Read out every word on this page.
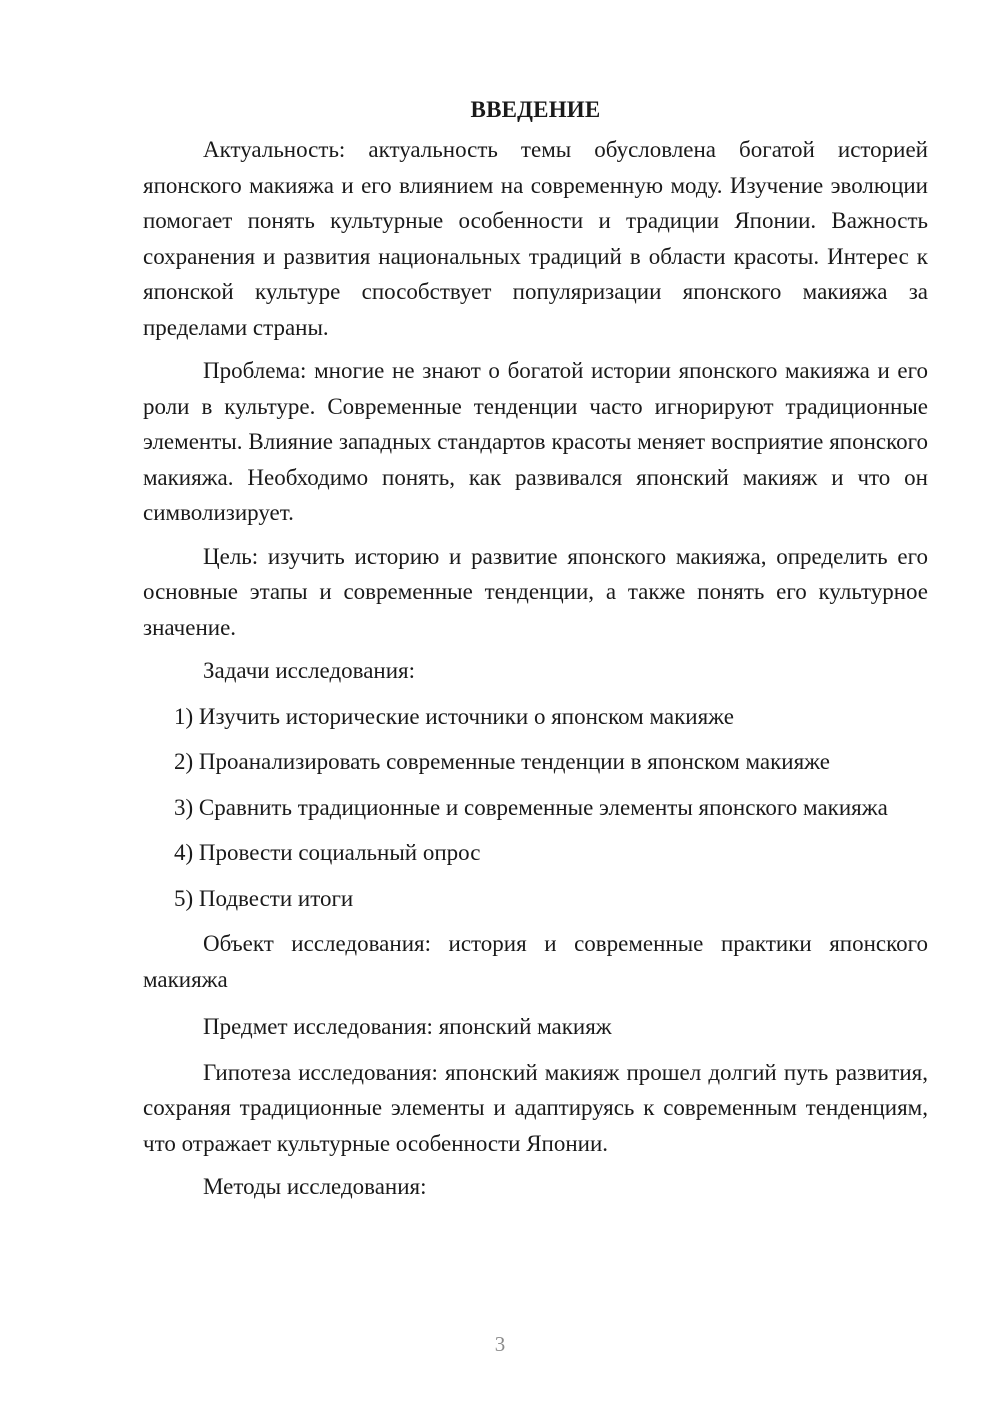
ВВЕДЕНИЕ

Актуальность: актуальность темы обусловлена богатой историей японского макияжа и его влиянием на современную моду. Изучение эволюции помогает понять культурные особенности и традиции Японии. Важность сохранения и развития национальных традиций в области красоты. Интерес к японской культуре способствует популяризации японского макияжа за пределами страны.

Проблема: многие не знают о богатой истории японского макияжа и его роли в культуре. Современные тенденции часто игнорируют традиционные элементы. Влияние западных стандартов красоты меняет восприятие японского макияжа. Необходимо понять, как развивался японский макияж и что он символизирует.

Цель: изучить историю и развитие японского макияжа, определить его основные этапы и современные тенденции, а также понять его культурное значение.

Задачи исследования:

1) Изучить исторические источники о японском макияже

2) Проанализировать современные тенденции в японском макияже

3) Сравнить традиционные и современные элементы японского макияжа

4) Провести социальный опрос

5) Подвести итоги

Объект исследования: история и современные практики японского макияжа

Предмет исследования: японский макияж

Гипотеза исследования: японский макияж прошел долгий путь развития, сохраняя традиционные элементы и адаптируясь к современным тенденциям, что отражает культурные особенности Японии.

Методы исследования:

3
